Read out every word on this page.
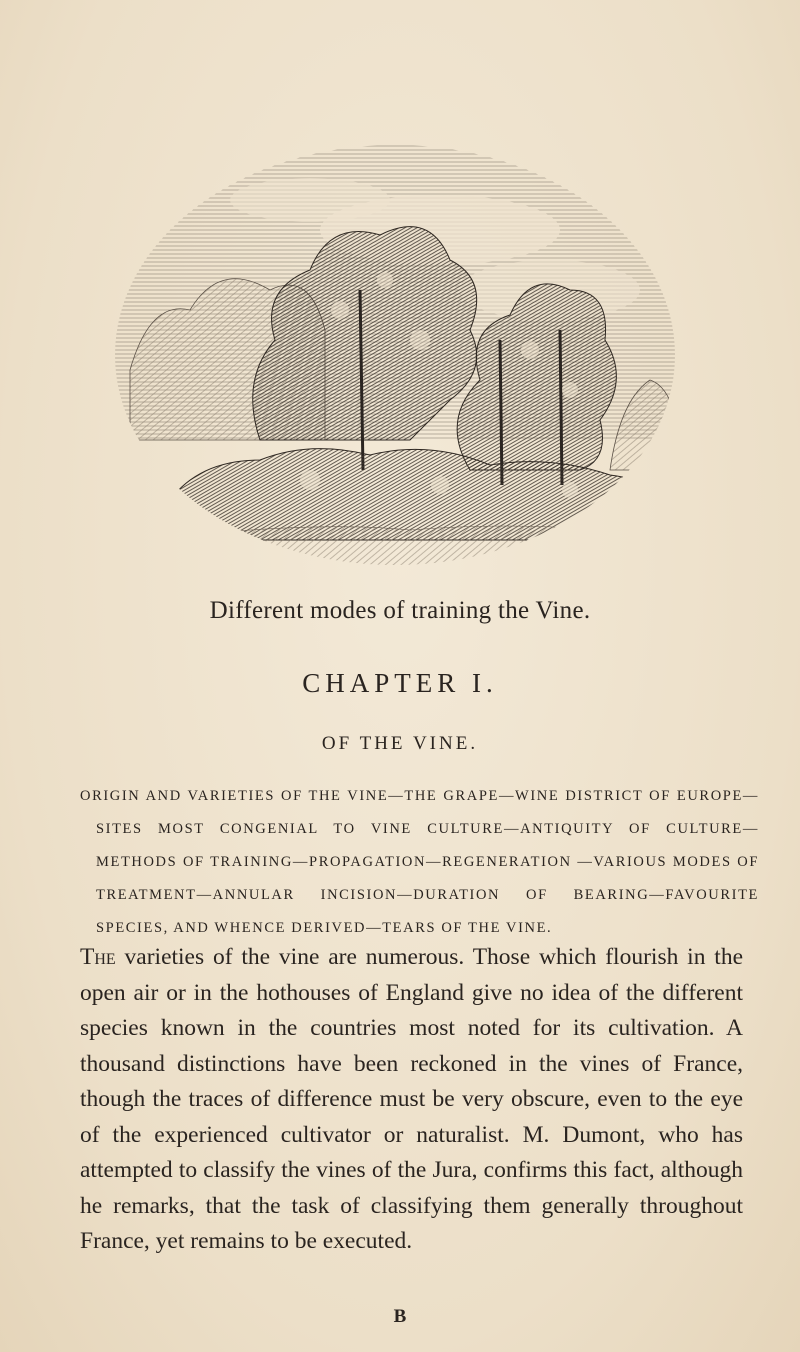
Different modes of training the Vine.
CHAPTER I.
OF THE VINE.

ORIGIN AND VARIETIES OF THE VINE—THE GRAPE—WINE DISTRICT OF EUROPE—SITES MOST CONGENIAL TO VINE CULTURE—ANTIQUITY OF CULTURE—METHODS OF TRAINING—PROPAGATION—REGENERATION —VARIOUS MODES OF TREATMENT—ANNULAR INCISION—DURATION OF BEARING—FAVOURITE SPECIES, AND WHENCE DERIVED—TEARS OF THE VINE.

The varieties of the vine are numerous. Those which flourish in the open air or in the hothouses of England give no idea of the different species known in the countries most noted for its cultivation. A thousand distinctions have been reckoned in the vines of France, though the traces of difference must be very obscure, even to the eye of the experienced cultivator or naturalist. M. Dumont, who has attempted to classify the vines of the Jura, confirms this fact, although he remarks, that the task of classifying them generally throughout France, yet remains to be executed.

B
